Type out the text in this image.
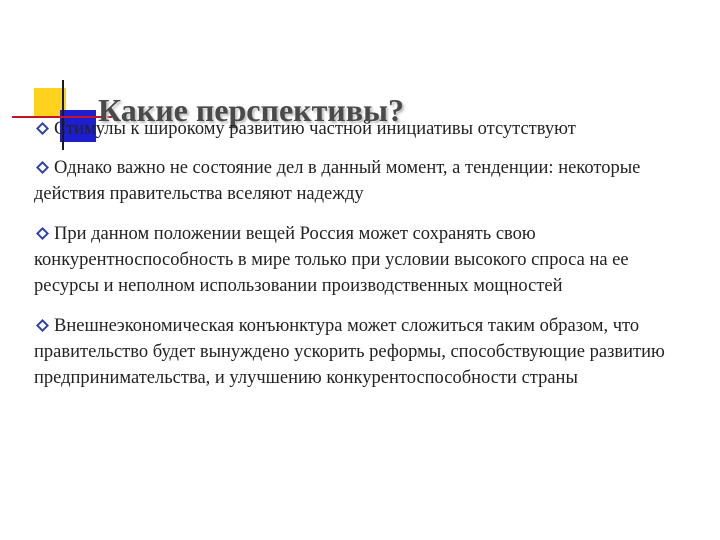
Какие перспективы?
Стимулы к широкому развитию частной инициативы отсутствуют
Однако важно не состояние дел в данный момент, а тенденции: некоторые действия правительства вселяют надежду
При данном положении вещей Россия может сохранять свою конкурентноспособность в мире только при условии высокого спроса на ее ресурсы и неполном использовании производственных мощностей
Внешнеэкономическая конъюнктура может сложиться таким образом, что правительство будет вынуждено ускорить реформы, способствующие развитию предпринимательства, и улучшению конкурентоспособности страны
